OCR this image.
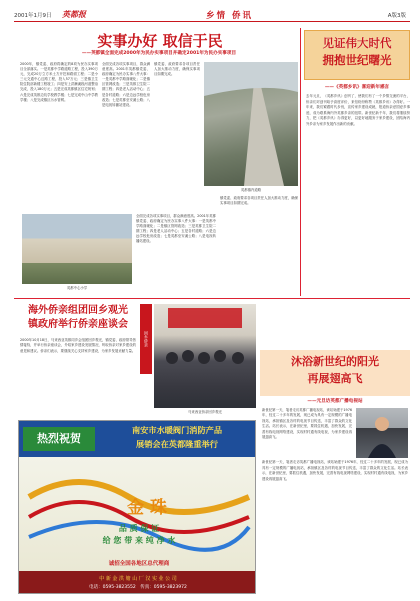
2001年1月9日 英都报	乡情 侨讯	A版3版
实事办好 取信于民
——英都镇全面完成2000年为民办实事项目并确定2001年为民办实事项目
2000年，镇党委、政府将确定的8项为民办实事项目全部落实。一是英都中学路道路工程，投入390万元，完成20万立方米土方开挖和路面工程；二是小三元交通中心边路工程，投入57万元；三是镇卫生院住院部新楼工程竣工；四是安上洪濑溪段河道整治完成，投入180万元；五是完成英都镇区住宅规划；六是完成英都边坑学校教学楼；七是完成中山中学教学楼；八是完成镇区污水管网。
全面完成各项实事项目，群众满意度高。2001年英都镇党委、政府确定为民办实事八件大事：一是英都中学路面硬化；二是镇区管网改造；三是英都卫生院二期工程；四是老人活动中心；五是各村道路；六是边远学校危房改造；七是英都至安溪公路；八是电视转播站建设。
镇党委、政府要求各项目责任人加大推动力度，确保实事项目如期完成。
英都镇内道路
英都中心小学
全面完成各项实事项目，群众满意度高。2001年英都镇党委、政府确定为民办实事八件大事：一是英都中学路面硬化；二是镇区管网改造；三是英都卫生院二期工程；四是老人活动中心；五是各村道路；六是边远学校危房改造；七是英都至安溪公路；八是电视转播站建设。
镇党委、政府要求各项目责任人加大推动力度，确保实事项目如期完成。
见证伟大时代
拥抱世纪曙光
——《英都乡讯》喜迎新年感言
去年元旦，《英都乡讯》创刊了，使我们有了一个乡情交流的平台，侨亲们对创刊给予高度评价，来信纷纷称赞《英都乡讯》办得好。一年来，我们紧跟时代步伐，宣传家乡建设成就，报道侨亲爱国爱乡事迹，成为联系海内外英都乡亲的纽带。新世纪新千年，我们将继续努力，把《英都乡讯》办得更好，以更好地服务于家乡建设，团结海内外乡亲为家乡发展作出新的贡献。
海外侨亲组团回乡观光
镇政府举行侨亲座谈会
2000年10月18日，马来西亚英都同乡会组团回乡观光，镇党委、政府领导热情接待，并举行侨亲座谈会，介绍家乡建设发展情况，听取侨亲对家乡建设的意见和建议。侨亲们表示，要继续关心支持家乡建设，为家乡发展贡献力量。
回乡侨亲
马来西亚侨亲回乡观光
沐浴新世纪的阳光
再展翅高飞
——元旦访英都广播电视站
新世纪第一天，笔者走访英都广播电视站，该站始建于1976年，经过二十多年的发展，现已成为具有一定规模的广播电视站，承担镇区及各村的电视节目传送，丰富了群众的文化生活。站长表示，在新世纪里，要抓住机遇，加快发展，完善有线电视网络建设，实现村村通有线电视，为家乡建设再展翅高飞。
新世纪第一天，笔者走访英都广播电视站，该站始建于1976年，经过二十多年的发展，现已成为具有一定规模的广播电视站，承担镇区及各村的电视节目传送，丰富了群众的文化生活。站长表示，在新世纪里，要抓住机遇，加快发展，完善有线电视网络建设，实现村村通有线电视，为家乡建设再展翅高飞。
热烈祝贺
南安市水暖阀门消防产品
展销会在英都隆重举行
金 珠
品 质 保 证
给 您 带 来 纯 净 水
诚招全国各地区总代理商
中 新 金 洪 塘 山 厂 汉 实 业 公 司
电话：0595-3823552　传真：0595-3823972
